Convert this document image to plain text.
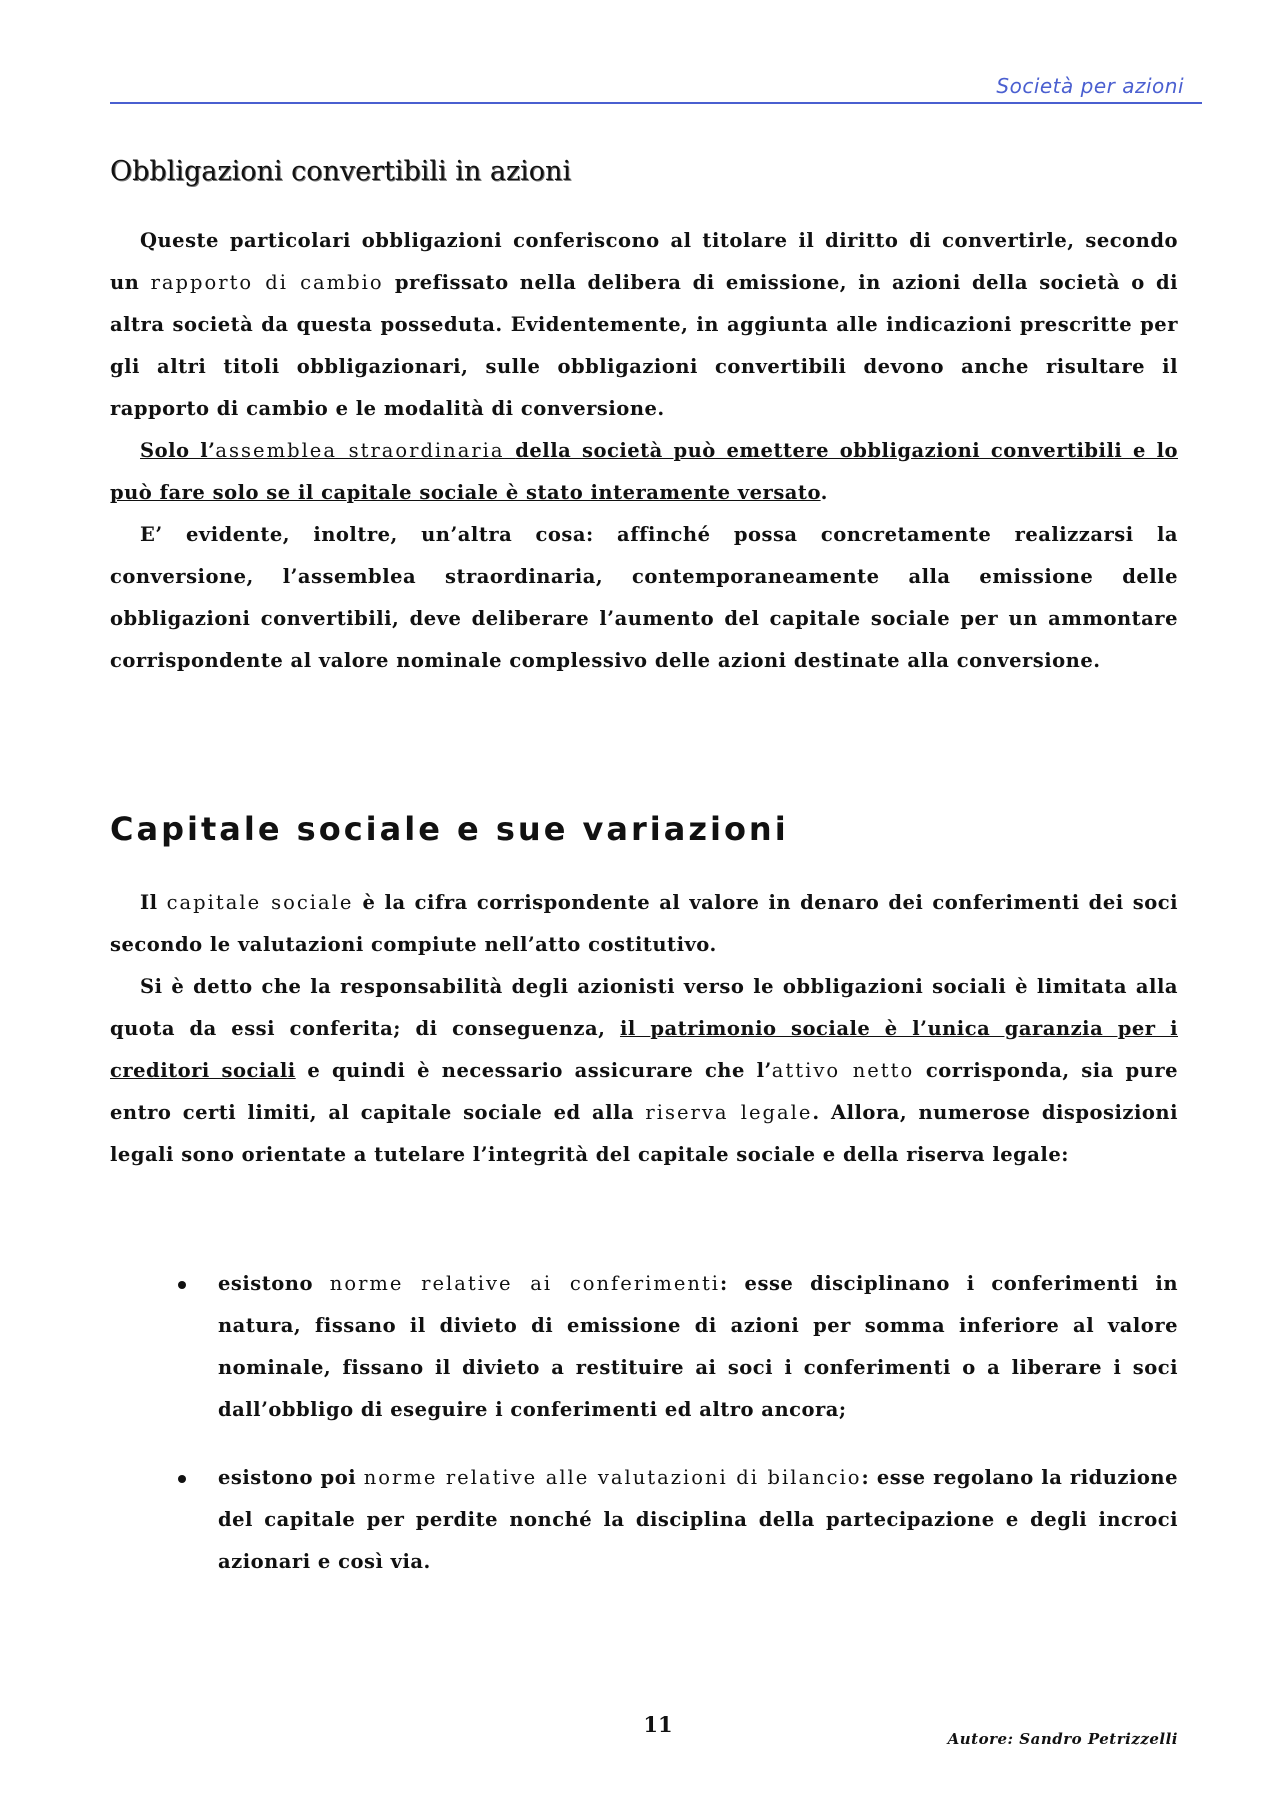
Società per azioni
Obbligazioni convertibili in azioni

Queste particolari obbligazioni conferiscono al titolare il diritto di convertirle, secondo un rapporto di cambio prefissato nella delibera di emissione, in azioni della società o di altra società da questa posseduta. Evidentemente, in aggiunta alle indicazioni prescritte per gli altri titoli obbligazionari, sulle obbligazioni convertibili devono anche risultare il rapporto di cambio e le modalità di conversione.

Solo l’assemblea straordinaria della società può emettere obbligazioni convertibili e lo può fare solo se il capitale sociale è stato interamente versato.

E’ evidente, inoltre, un’altra cosa: affinché possa concretamente realizzarsi la conversione, l’assemblea straordinaria, contemporaneamente alla emissione delle obbligazioni convertibili, deve deliberare l’aumento del capitale sociale per un ammontare corrispondente al valore nominale complessivo delle azioni destinate alla conversione.

Capitale sociale e sue variazioni

Il capitale sociale è la cifra corrispondente al valore in denaro dei conferimenti dei soci secondo le valutazioni compiute nell’atto costitutivo.

Si è detto che la responsabilità degli azionisti verso le obbligazioni sociali è limitata alla quota da essi conferita; di conseguenza, il patrimonio sociale è l’unica garanzia per i creditori sociali e quindi è necessario assicurare che l’attivo netto corrisponda, sia pure entro certi limiti, al capitale sociale ed alla riserva legale. Allora, numerose disposizioni legali sono orientate a tutelare l’integrità del capitale sociale e della riserva legale:

esistono norme relative ai conferimenti: esse disciplinano i conferimenti in natura, fissano il divieto di emissione di azioni per somma inferiore al valore nominale, fissano il divieto a restituire ai soci i conferimenti o a liberare i soci dall’obbligo di eseguire i conferimenti ed altro ancora;
esistono poi norme relative alle valutazioni di bilancio: esse regolano la riduzione del capitale per perdite nonché la disciplina della partecipazione e degli incroci azionari e così via.
11
Autore: Sandro Petrizzelli
